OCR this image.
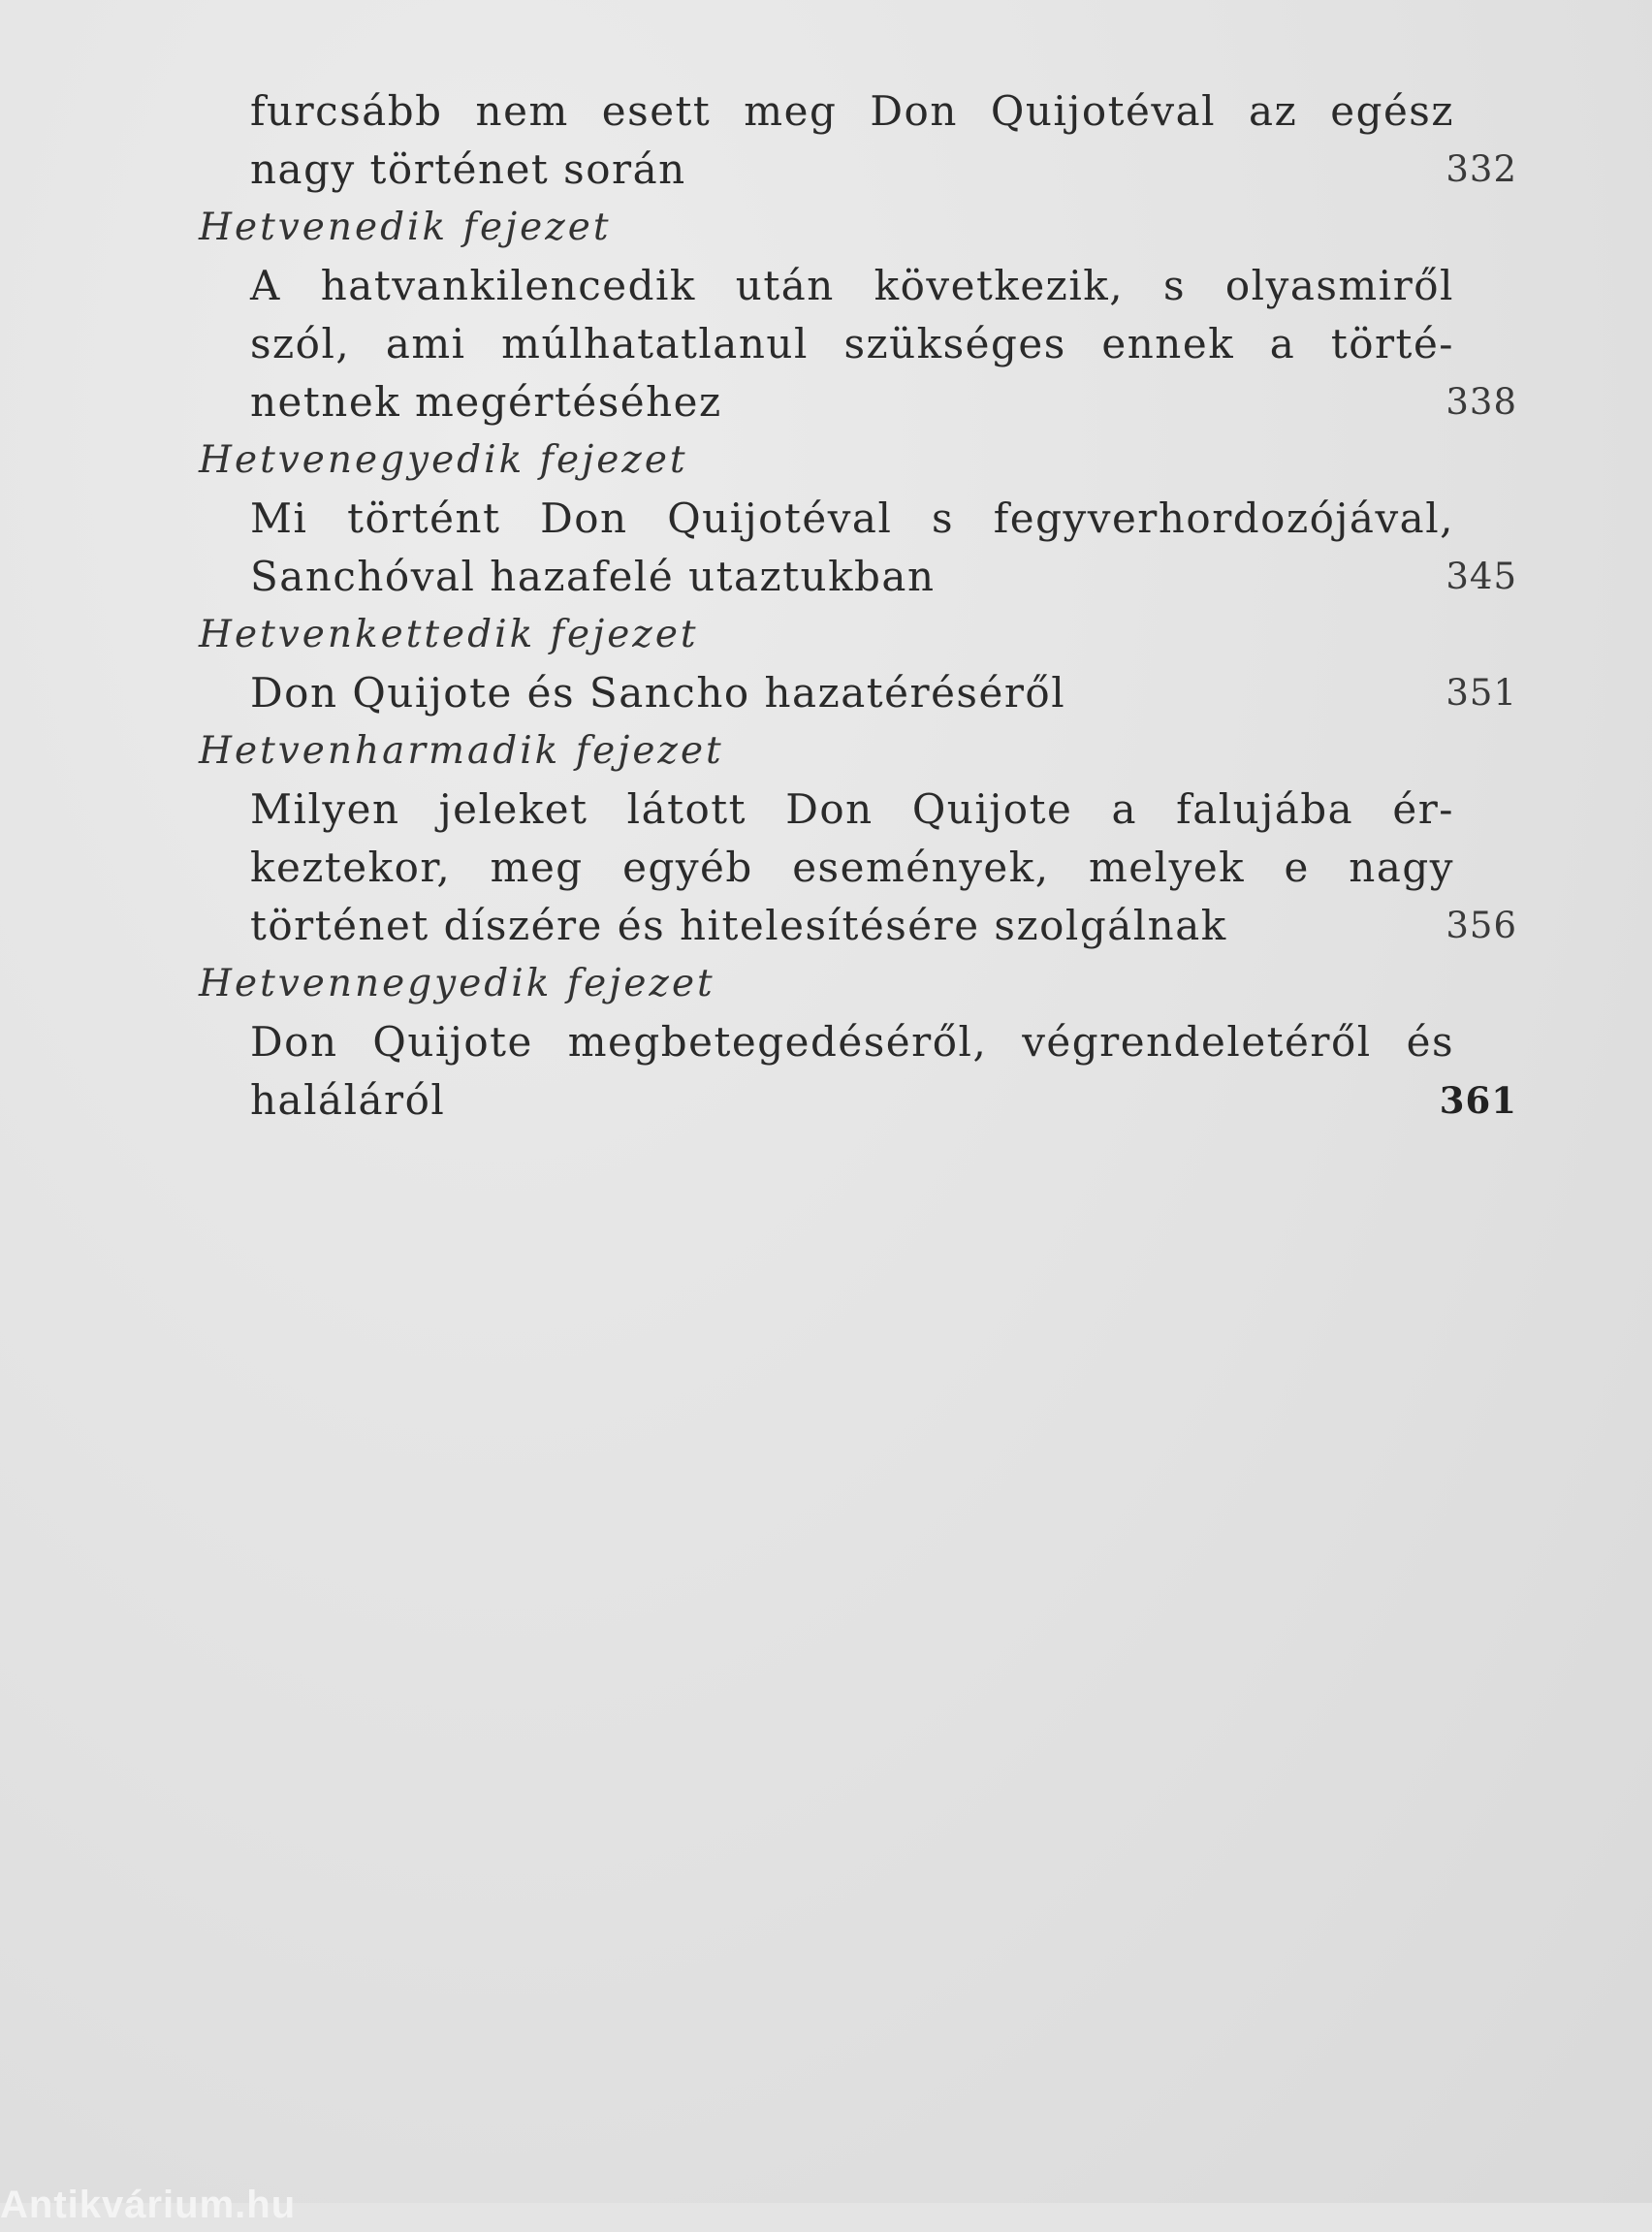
furcsább nem esett meg Don Quijotéval az egész
nagy történet során	332
Hetvenedik fejezet
A hatvankilencedik után következik, s olyasmiről
szól, ami múlhatatlanul szükséges ennek a törté-
netnek megértéséhez	338
Hetvenegyedik fejezet
Mi történt Don Quijotéval s fegyverhordozójával,
Sanchóval hazafelé utaztukban	345
Hetvenkettedik fejezet
Don Quijote és Sancho hazatéréséről	351
Hetvenharmadik fejezet
Milyen jeleket látott Don Quijote a falujába ér-
keztekor, meg egyéb események, melyek e nagy
történet díszére és hitelesítésére szolgálnak	356
Hetvennegyedik fejezet
Don Quijote megbetegedéséről, végrendeletéről és
haláláról	361
Antikvárium.hu
